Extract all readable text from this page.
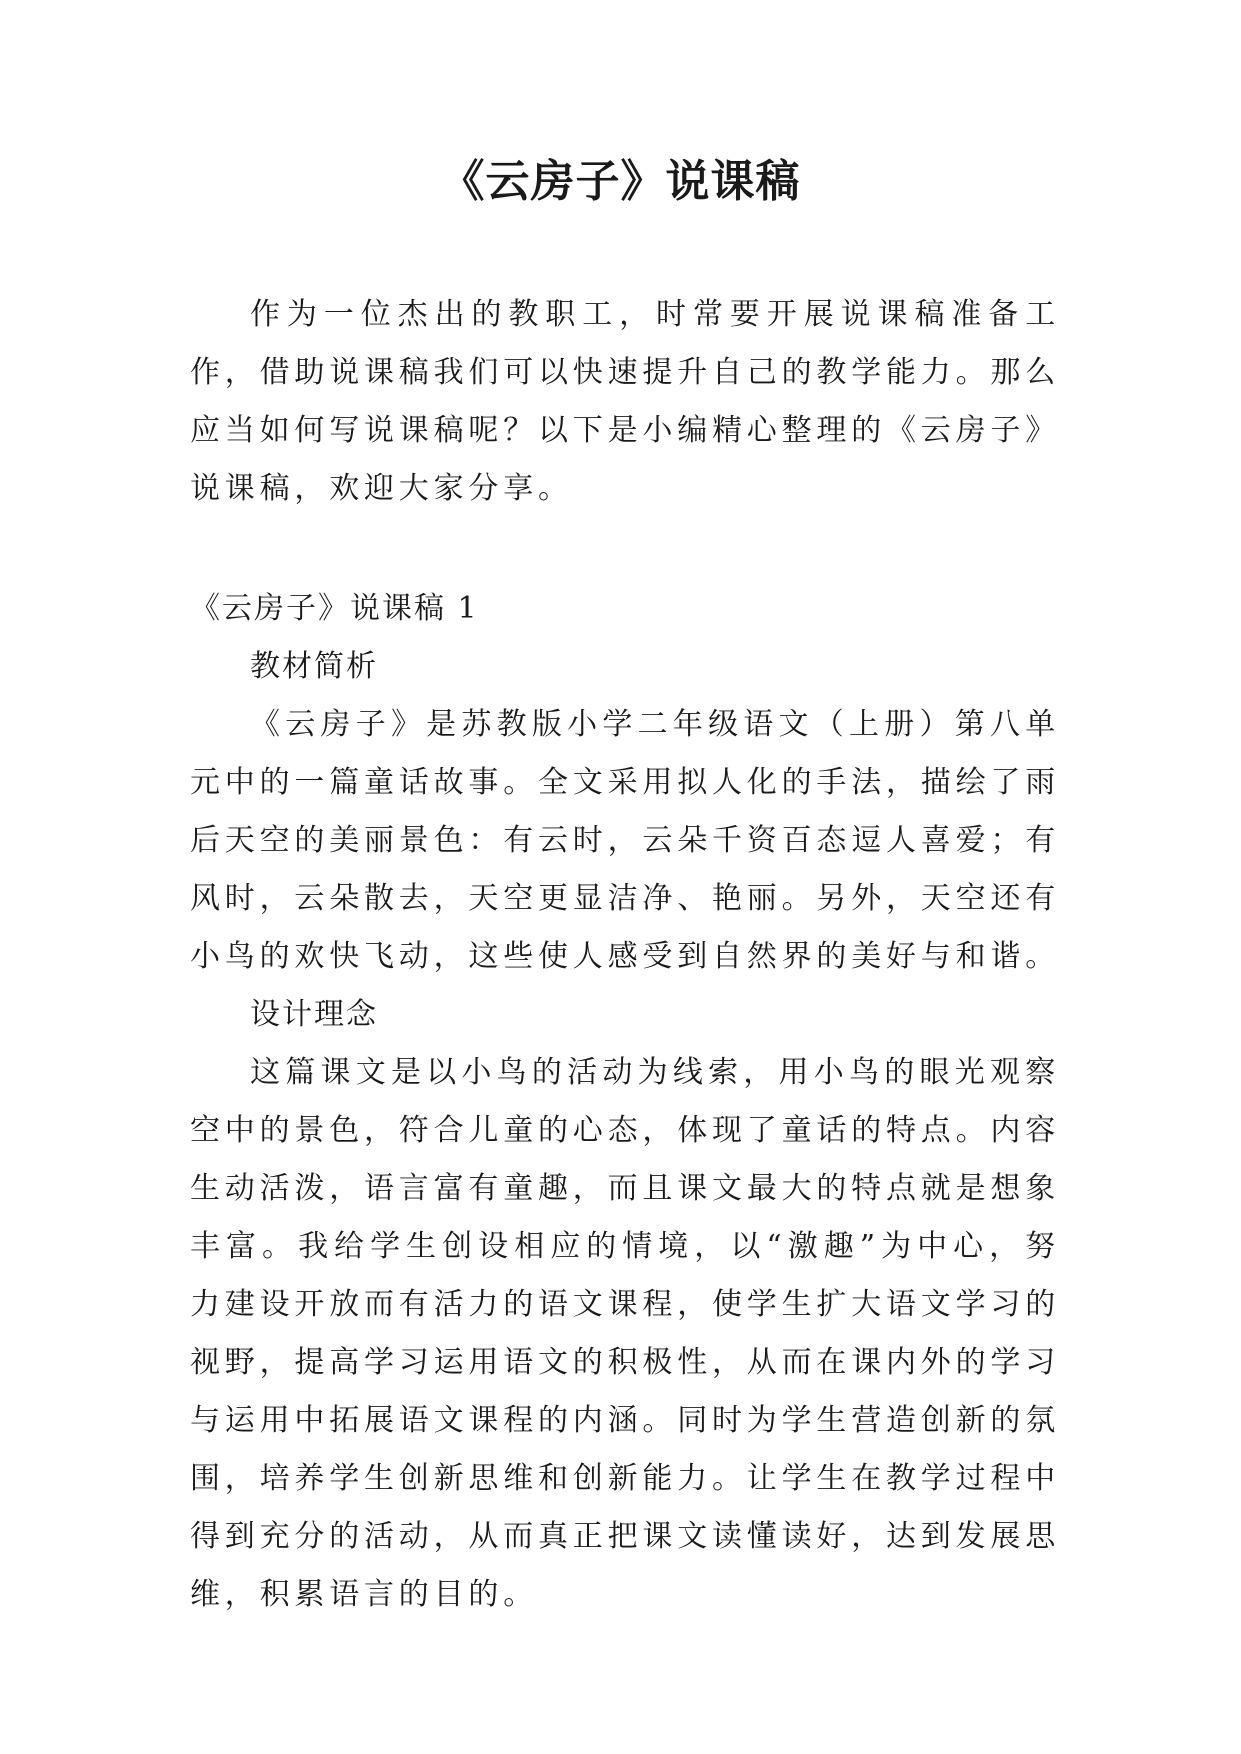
《云房子》说课稿

作为一位杰出的教职工，时常要开展说课稿准备工作，借助说课稿我们可以快速提升自己的教学能力。那么应当如何写说课稿呢？以下是小编精心整理的《云房子》说课稿，欢迎大家分享。

《云房子》说课稿 1

教材简析

《云房子》是苏教版小学二年级语文（上册）第八单元中的一篇童话故事。全文采用拟人化的手法，描绘了雨后天空的美丽景色：有云时，云朵千资百态逗人喜爱；有风时，云朵散去，天空更显洁净、艳丽。另外，天空还有小鸟的欢快飞动，这些使人感受到自然界的美好与和谐。

设计理念

这篇课文是以小鸟的活动为线索，用小鸟的眼光观察空中的景色，符合儿童的心态，体现了童话的特点。内容生动活泼，语言富有童趣，而且课文最大的特点就是想象丰富。我给学生创设相应的情境，以“激趣”为中心，努力建设开放而有活力的语文课程，使学生扩大语文学习的视野，提高学习运用语文的积极性，从而在课内外的学习与运用中拓展语文课程的内涵。同时为学生营造创新的氛围，培养学生创新思维和创新能力。让学生在教学过程中得到充分的活动，从而真正把课文读懂读好，达到发展思维，积累语言的目的。
